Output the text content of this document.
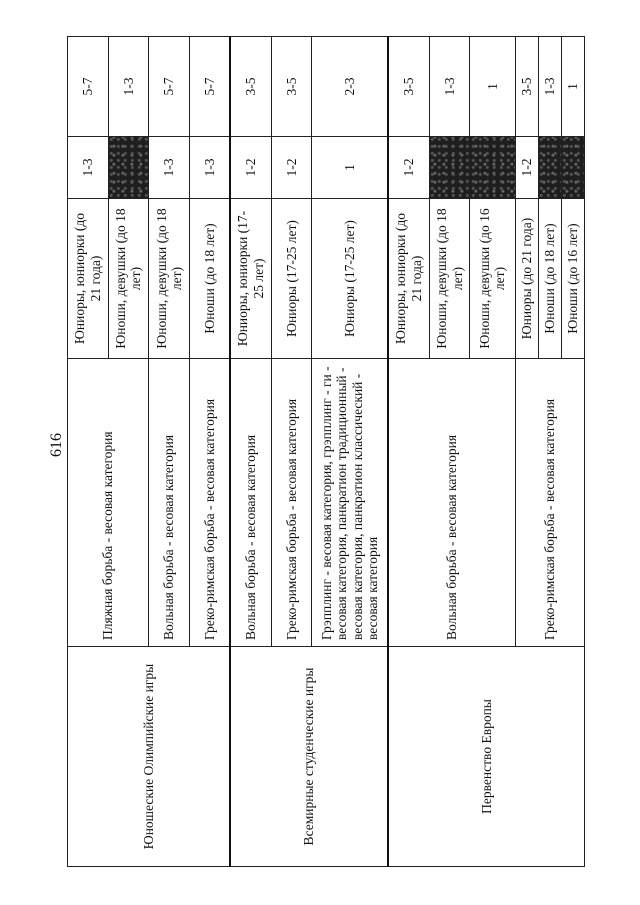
616
Юношеские Олимпийские игры	Пляжная борьба - весовая категория	Юниоры, юниорки (до 21 года)	1-3	5-7
		Юноши, девушки (до 18 лет)		1-3
	Вольная борьба - весовая категория	Юноши, девушки (до 18 лет)	1-3	5-7
	Греко-римская борьба - весовая категория	Юноши (до 18 лет)	1-3	5-7
Всемирные студенческие игры	Вольная борьба - весовая категория	Юниоры, юниорки (17-25 лет)	1-2	3-5
	Греко-римская борьба - весовая категория	Юниоры (17-25 лет)	1-2	3-5
	Грэпплинг - весовая категория, грэпплинг - ги - весовая категория, панкратион традиционный - весовая категория, панкратион классический - весовая категория	Юниоры (17-25 лет)	1	2-3
Первенство Европы	Вольная борьба - весовая категория	Юниоры, юниорки (до 21 года)	1-2	3-5
		Юноши, девушки (до 18 лет)		1-3
		Юноши, девушки (до 16 лет)		1
	Греко-римская борьба - весовая категория	Юниоры (до 21 года)	1-2	3-5
		Юноши (до 18 лет)		1-3
		Юноши (до 16 лет)		1
